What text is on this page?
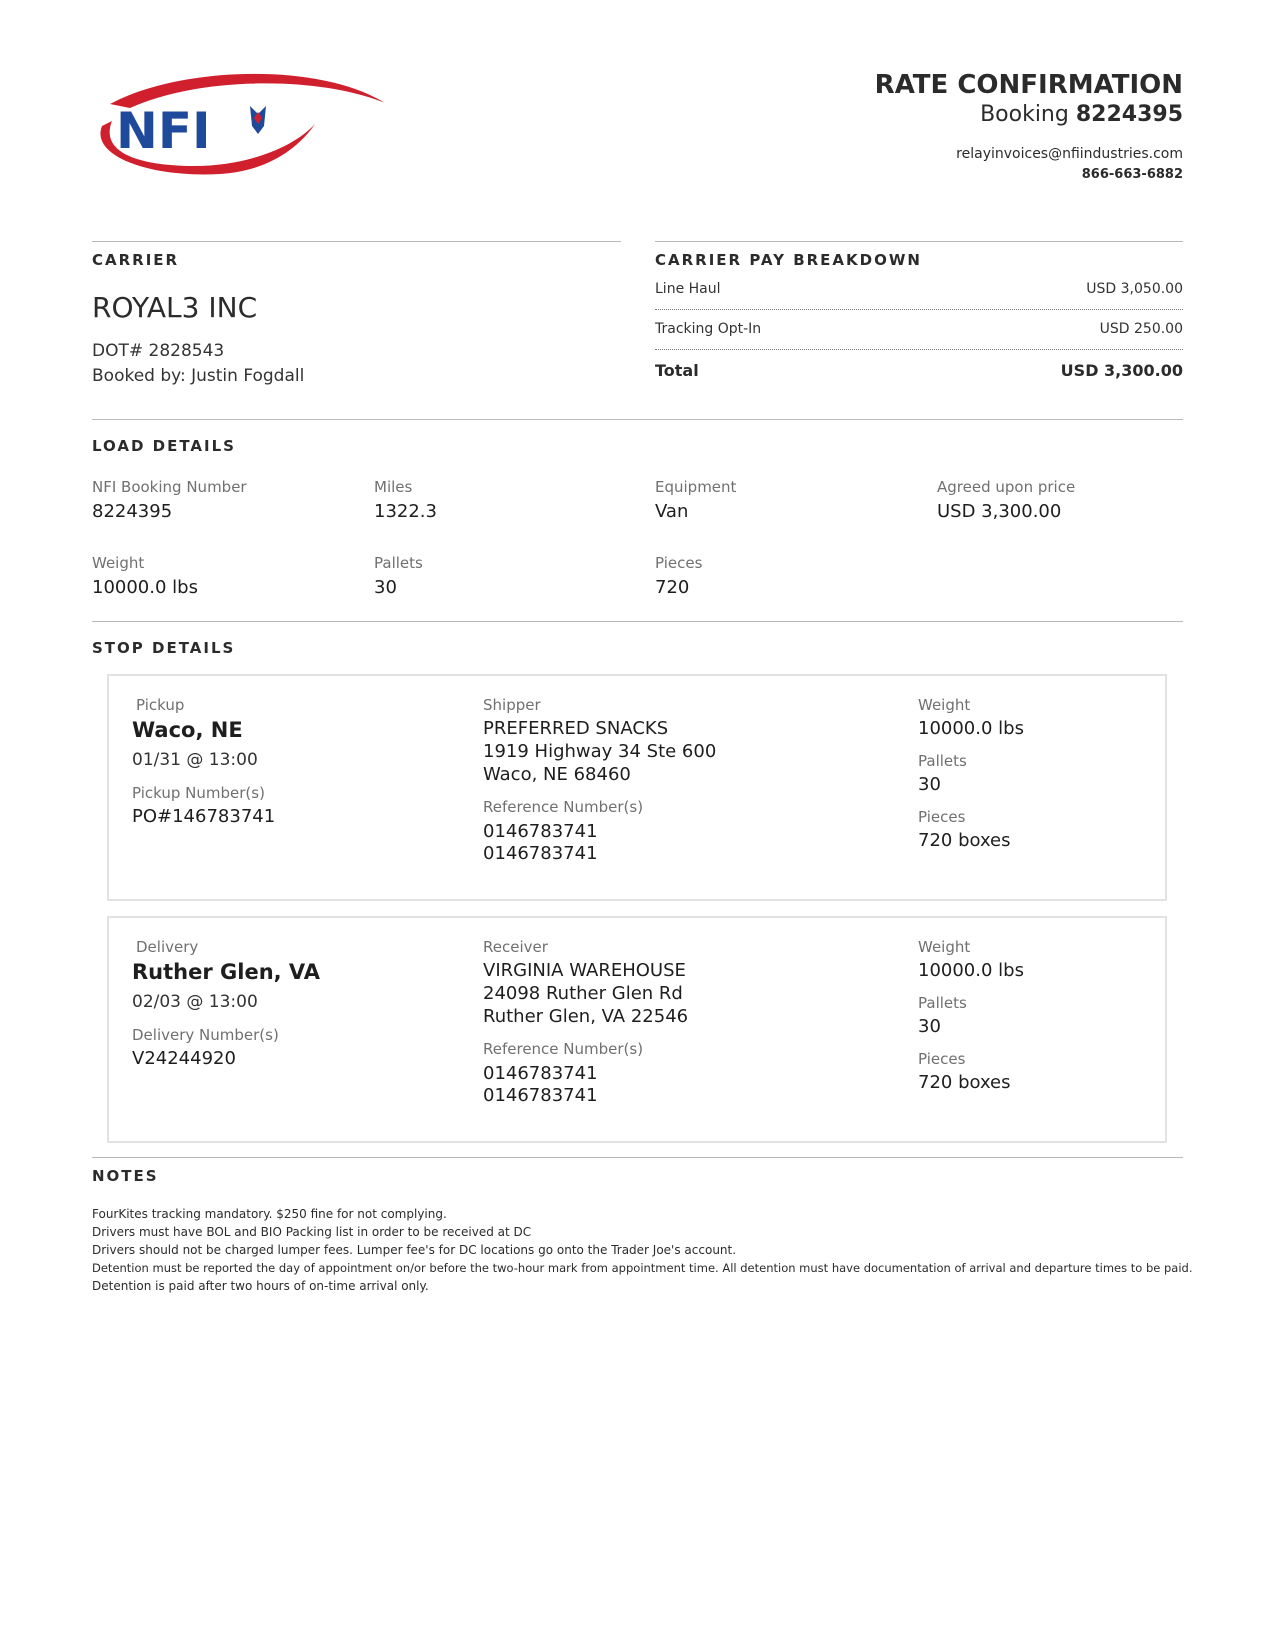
NFI
RATE CONFIRMATION
Booking 8224395
relayinvoices@nfiindustries.com
866-663-6882
CARRIER
ROYAL3 INC
DOT# 2828543
Booked by: Justin Fogdall
CARRIER PAY BREAKDOWN
Line Haul	USD 3,050.00
Tracking Opt-In	USD 250.00
Total	USD 3,300.00
LOAD DETAILS
NFI Booking Number
8224395
Miles
1322.3
Equipment
Van
Agreed upon price
USD 3,300.00
Weight
10000.0 lbs
Pallets
30
Pieces
720
STOP DETAILS
Pickup
Waco, NE
01/31 @ 13:00
Pickup Number(s)
PO#146783741
Shipper
PREFERRED SNACKS
1919 Highway 34 Ste 600
Waco, NE 68460
Reference Number(s)
0146783741
0146783741
Weight
10000.0 lbs
Pallets
30
Pieces
720 boxes
Delivery
Ruther Glen, VA
02/03 @ 13:00
Delivery Number(s)
V24244920
Receiver
VIRGINIA WAREHOUSE
24098 Ruther Glen Rd
Ruther Glen, VA 22546
Reference Number(s)
0146783741
0146783741
Weight
10000.0 lbs
Pallets
30
Pieces
720 boxes
NOTES
FourKites tracking mandatory. $250 fine for not complying.
Drivers must have BOL and BIO Packing list in order to be received at DC
Drivers should not be charged lumper fees. Lumper fee's for DC locations go onto the Trader Joe's account.
Detention must be reported the day of appointment on/or before the two-hour mark from appointment time. All detention must have documentation of arrival and departure times to be paid.
Detention is paid after two hours of on-time arrival only.
